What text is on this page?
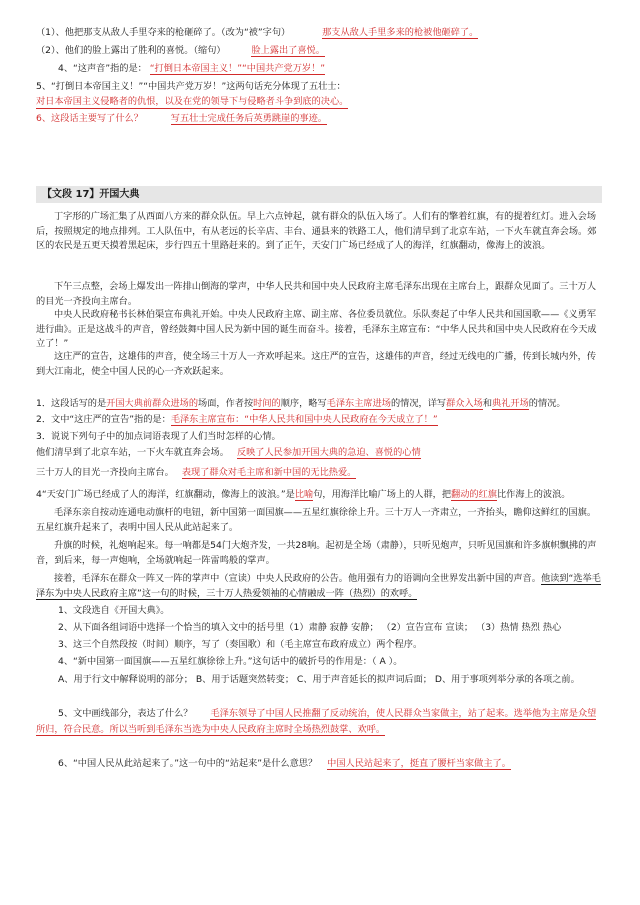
（1）、他把那支从敌人手里夺来的枪砸碎了。（改为“被”字句）	那支从敌人手里多来的枪被他砸碎了。
（2）、他们的脸上露出了胜利的喜悦。（缩句）	脸上露出了喜悦。
4、“这声音”指的是： “打倒日本帝国主义！”“中国共产党万岁！”
5、“打倒日本帝国主义！”“中国共产党万岁！”这两句话充分体现了五壮士：
对日本帝国主义侵略者的仇恨，以及在党的领导下与侵略者斗争到底的决心。
6、这段话主要写了什么？	写五壮士完成任务后英勇跳崖的事迹。
【文段 17】开国大典
丁字形的广场汇集了从西面八方来的群众队伍。早上六点钟起，就有群众的队伍入场了。人们有的擎着红旗，有的提着红灯。进入会场后，按照规定的地点排列。工人队伍中，有从老远的长辛店、丰台、通县来的铁路工人，他们清早到了北京车站，一下火车就直奔会场。郊区的农民是五更天摸着黑起床，步行四五十里路赶来的。到了正午，天安门广场已经成了人的海洋，红旗翻动，像海上的波浪。
下午三点整，会场上爆发出一阵排山倒海的掌声，中华人民共和国中央人民政府主席毛泽东出现在主席台上，跟群众见面了。三十万人的目光一齐投向主席台。
中央人民政府秘书长林伯渠宣布典礼开始。中央人民政府主席、副主席、各位委员就位。乐队奏起了中华人民共和国国歌——《义勇军进行曲》。正是这战斗的声音，曾经鼓舞中国人民为新中国的诞生而奋斗。接着，毛泽东主席宣布：“中华人民共和国中央人民政府在今天成立了！”
这庄严的宣告，这雄伟的声音，使全场三十万人一齐欢呼起来。这庄严的宣告，这雄伟的声音，经过无线电的广播，传到长城内外，传到大江南北，使全中国人民的心一齐欢跃起来。
1．这段话写的是开国大典前群众进场的场面，作者按时间的顺序，略写毛泽东主席进场的情况，详写群众入场和典礼开场的情况。
2．文中“这庄严的宣告”指的是：毛泽东主席宣布：“中华人民共和国中央人民政府在今天成立了！”
3．说说下列句子中的加点词语表现了人们当时怎样的心情。
他们清早到了北京车站，一下火车就直奔会场。 反映了人民参加开国大典的急迫、喜悦的心情
三十万人的目光一齐投向主席台。 表现了群众对毛主席和新中国的无比热爱。
4“天安门广场已经成了人的海洋，红旗翻动，像海上的波浪。”是比喻句，用海洋比喻广场上的人群，把翻动的红旗比作海上的波浪。
毛泽东亲自按动连通电动旗杆的电钮，新中国第一面国旗——五星红旗徐徐上升。三十万人一齐肃立，一齐抬头，瞻仰这鲜红的国旗。五星红旗升起来了，表明中国人民从此站起来了。
升旗的时候，礼炮响起来。每一响都是54门大炮齐发，一共28响。起初是全场（肃静），只听见炮声，只听见国旗和许多旗帜飘拂的声音，到后来，每一声炮响，全场就响起一阵雷鸣般的掌声。
接着，毛泽东在群众一阵又一阵的掌声中（宣读）中央人民政府的公告。他用强有力的语调向全世界发出新中国的声音。他读到“选举毛泽东为中央人民政府主席”这一句的时候，三十万人热爱领袖的心情融成一阵（热烈）的欢呼。
1、文段选自《开国大典》。
2、从下面各组词语中选择一个恰当的填入文中的括号里（1）肃静 寂静 安静； （2）宣告宣布 宣读； （3）热情 热烈 热心
3、这三个自然段按（时间）顺序，写了（奏国歌）和（毛主席宣布政府成立）两个程序。
4、“新中国第一面国旗——五星红旗徐徐上升。”这句话中的破折号的作用是：（ A ）。
A、用于行文中解释说明的部分； B、用于话题突然转变； C、用于声音延长的拟声词后面； D、用于事项列举分承的各项之前。
5、文中画线部分，表达了什么？ 毛泽东领导了中国人民推翻了反动统治，使人民群众当家做主，站了起来。选举他为主席是众望所归，符合民意。所以当听到毛泽东当选为中央人民政府主席时全场热烈鼓掌、欢呼。
6、“中国人民从此站起来了。”这一句中的“站起来”是什么意思？ 中国人民站起来了，挺直了腰杆当家做主了。
